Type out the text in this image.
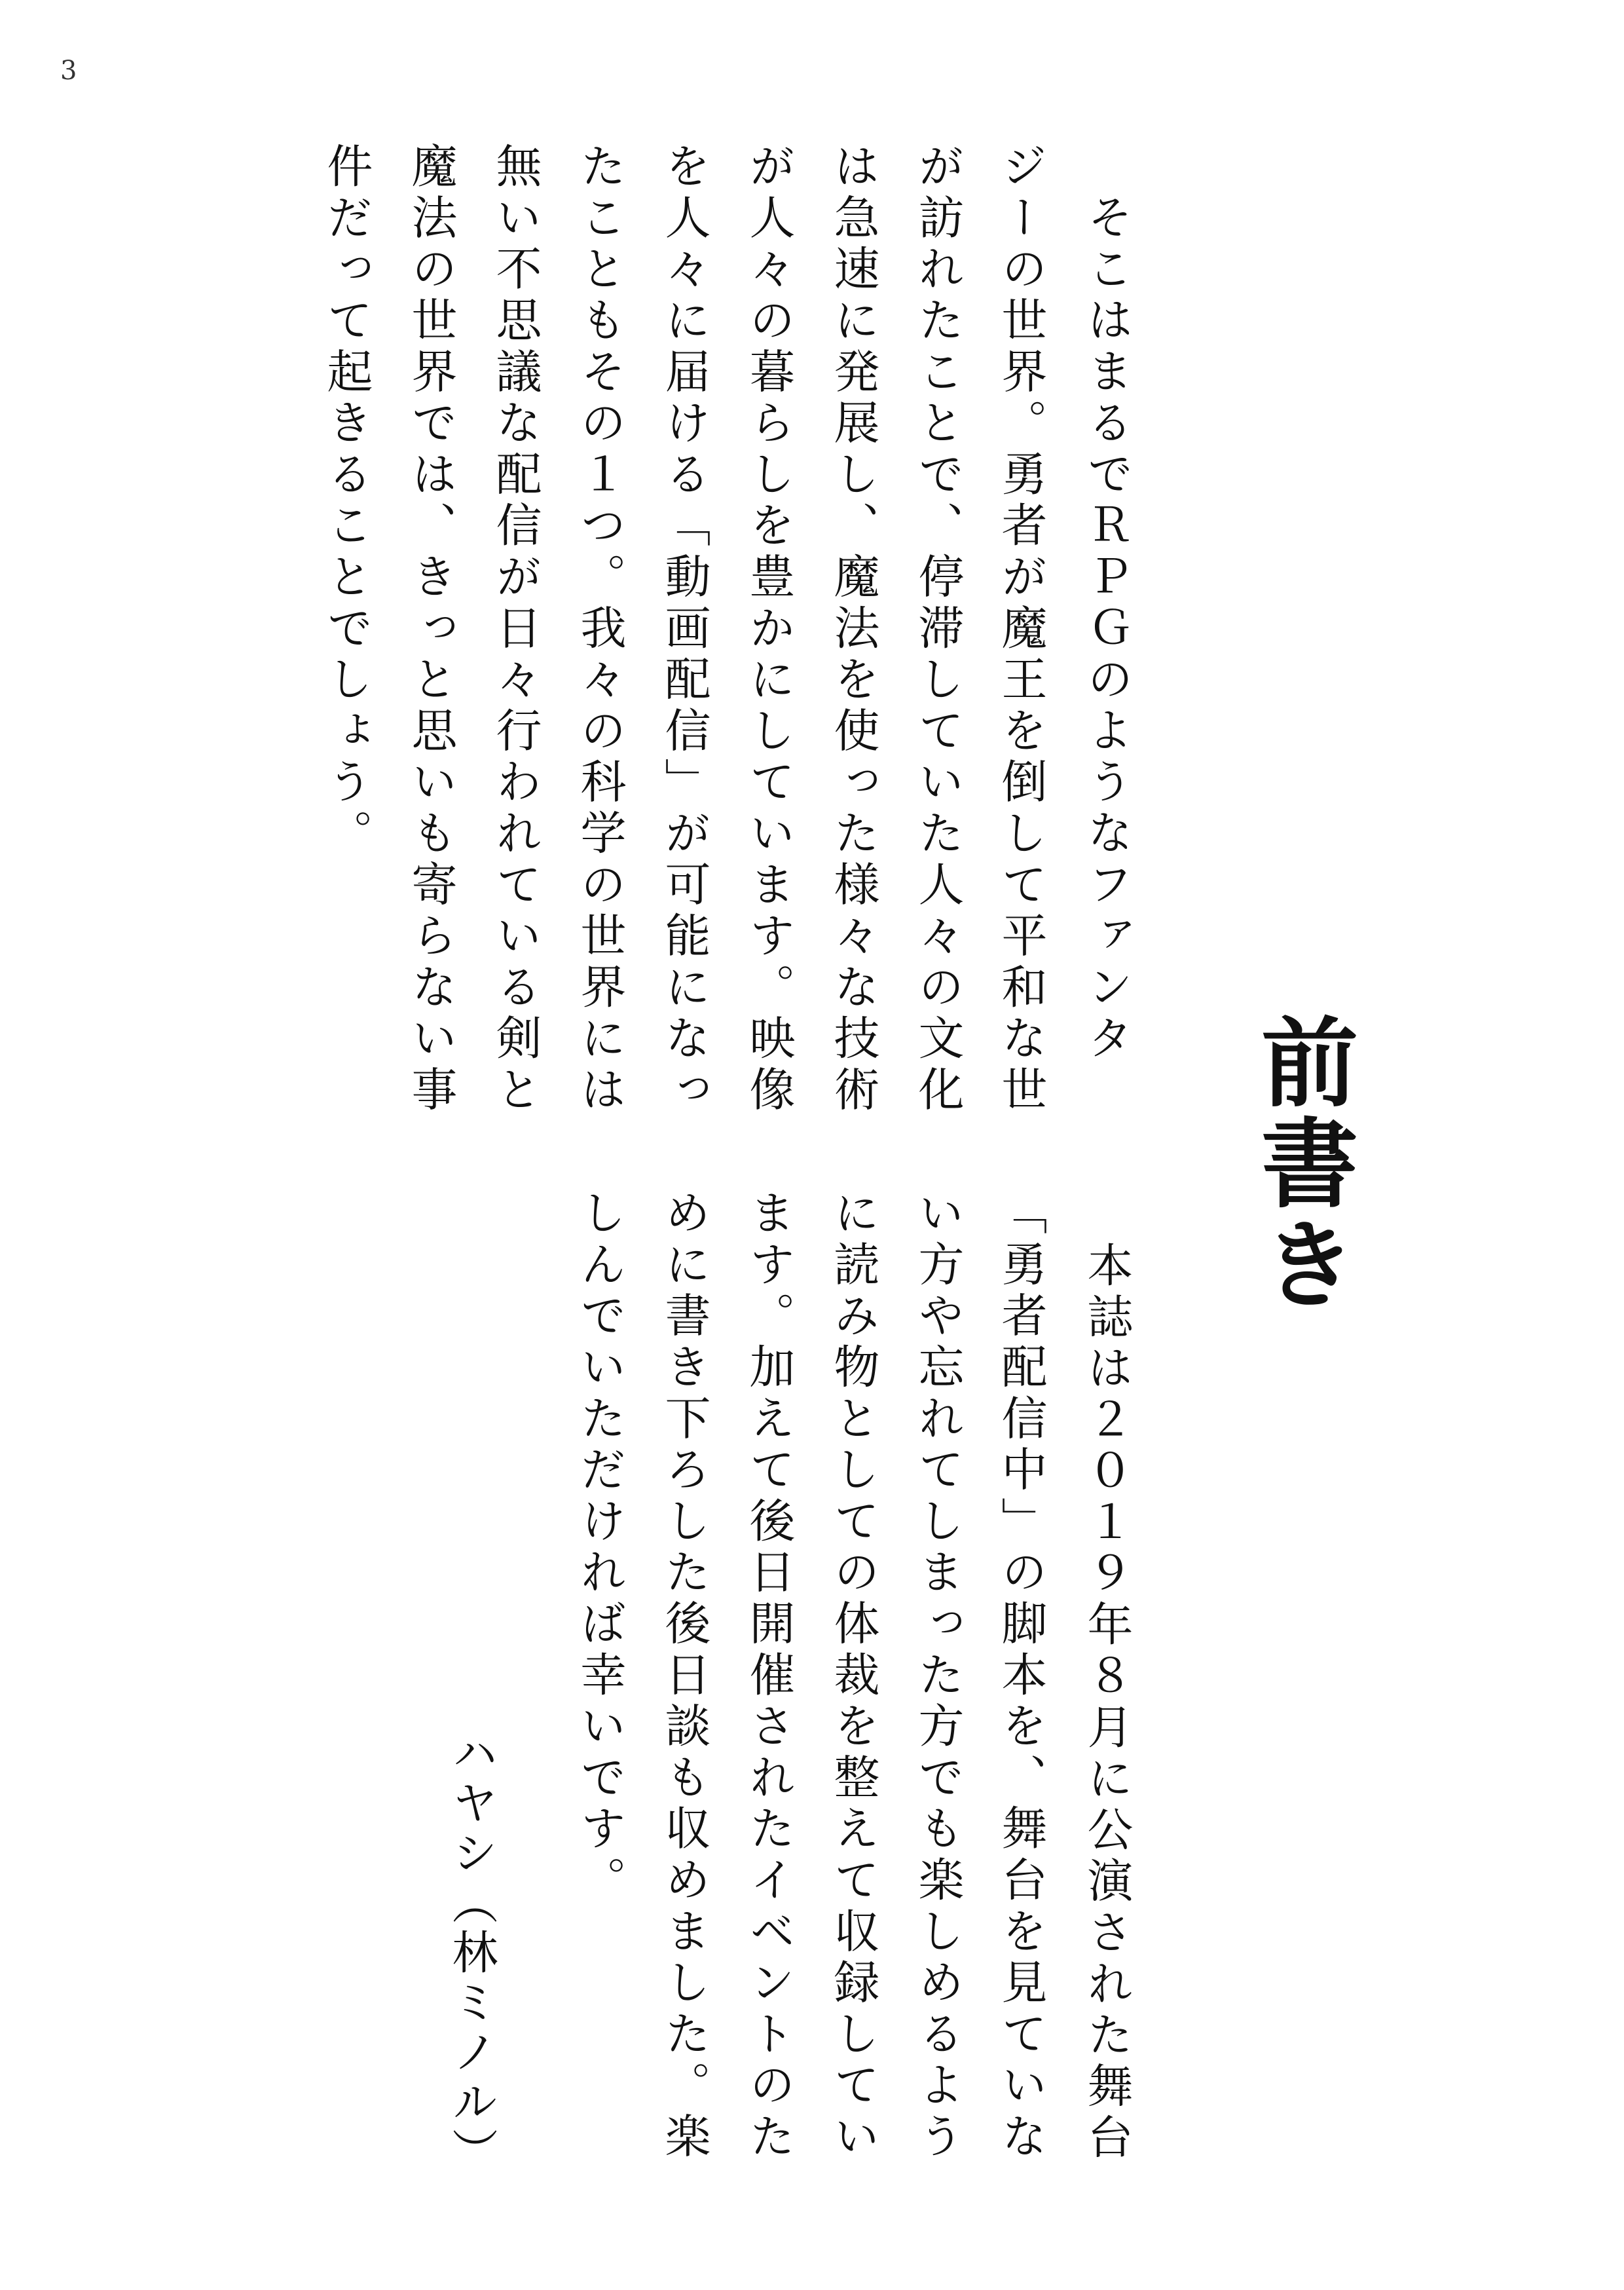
3
前書き
そこはまるでＲＰＧのようなファンタ
ジーの世界。勇者が魔王を倒して平和な世
が訪れたことで、停滞していた人々の文化
は急速に発展し、魔法を使った様々な技術
が人々の暮らしを豊かにしています。映像
を人々に届ける「動画配信」が可能になっ
たこともその１つ。我々の科学の世界には
無い不思議な配信が日々行われている剣と
魔法の世界では、きっと思いも寄らない事
件だって起きることでしょう。
本誌は２０１９年８月に公演された舞台
「勇者配信中」の脚本を、舞台を見ていな
い方や忘れてしまった方でも楽しめるよう
に読み物としての体裁を整えて収録してい
ます。加えて後日開催されたイベントのた
めに書き下ろした後日談も収めました。楽
しんでいただければ幸いです。
ハヤシ（林ミノル）
